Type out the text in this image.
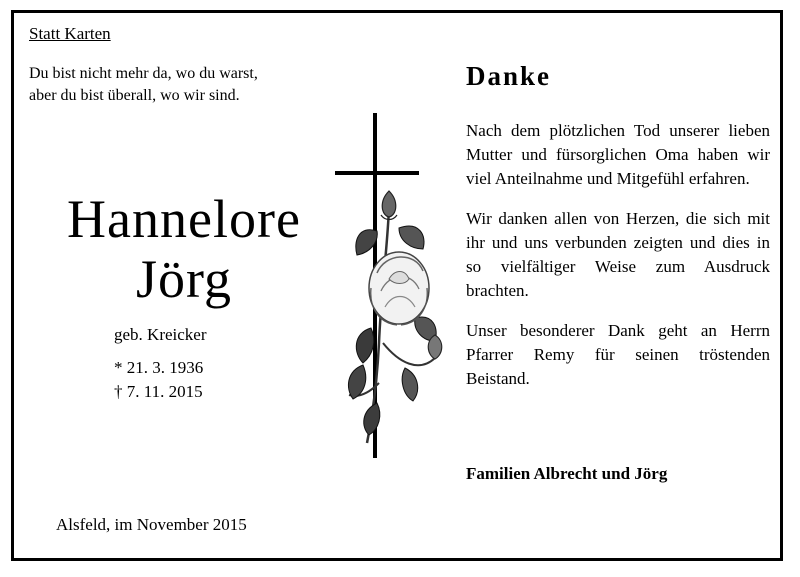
Statt Karten
Du bist nicht mehr da, wo du warst,
aber du bist überall, wo wir sind.
Hannelore
Jörg
geb. Kreicker
* 21. 3. 1936
† 7. 11. 2015
Alsfeld, im November 2015
Danke

Nach dem plötzlichen Tod unserer lieben Mutter und fürsorglichen Oma haben wir viel Anteilnahme und Mitgefühl erfahren.

Wir danken allen von Herzen, die sich mit ihr und uns verbunden zeigten und dies in so vielfältiger Weise zum Ausdruck brachten.

Unser besonderer Dank geht an Herrn Pfarrer Remy für seinen tröstenden Beistand.

Familien Albrecht und Jörg
